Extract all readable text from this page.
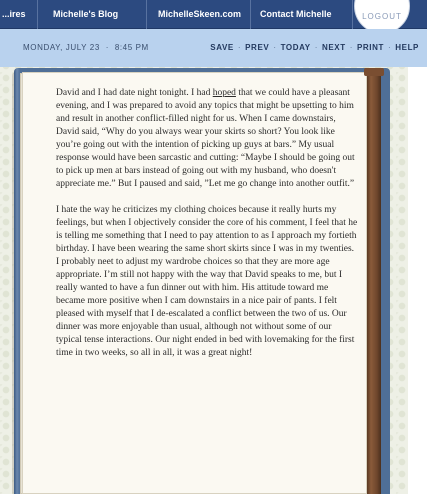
...ires	Michelle's Blog	MichelleSkeen.com Contact Michelle	LOGOUT
MONDAY, JULY 23 · 8:45 PM	SAVE · PREV · TODAY · NEXT · PRINT · HELP

David and I had date night tonight. I had hoped that we could have a pleasant evening, and I was prepared to avoid any topics that might be upsetting to him and result in another conflict-filled night for us. When I came downstairs, David said, “Why do you always wear your skirts so short? You look like you’re going out with the intention of picking up guys at bars.” My usual response would have been sarcastic and cutting: “Maybe I should be going out to pick up men at bars instead of going out with my husband, who doesn't appreciate me.” But I paused and said, ”Let me go change into another outfit.”

I hate the way he criticizes my clothing choices because it really hurts my feelings, but when I objectively consider the core of his comment, I feel that he is telling me something that I need to pay attention to as I approach my fortieth birthday. I have been wearing the same short skirts since I was in my twenties. I probably neet to adjust my wardrobe choices so that they are more age appropriate. I’m still not happy with the way that David speaks to me, but I really wanted to have a fun dinner out with him. His attitude toward me became more positive when I cam downstairs in a nice pair of pants. I felt pleased with myself that I de-escalated a conflict between the two of us. Our dinner was more enjoyable than usual, although not without some of our typical tense interactions. Our night ended in bed with lovemaking for the first time in two weeks, so all in all, it was a great night!
